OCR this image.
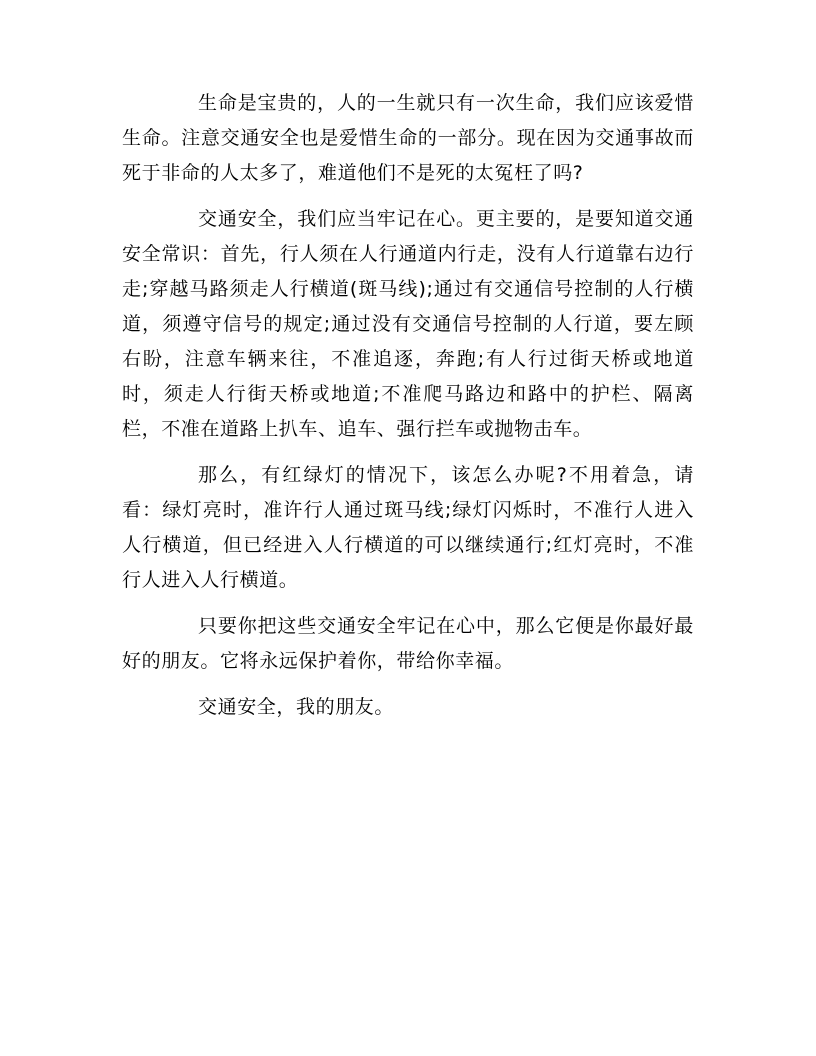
生命是宝贵的，人的一生就只有一次生命，我们应该爱惜生命。注意交通安全也是爱惜生命的一部分。现在因为交通事故而死于非命的人太多了，难道他们不是死的太冤枉了吗?

交通安全，我们应当牢记在心。更主要的，是要知道交通安全常识：首先，行人须在人行通道内行走，没有人行道靠右边行走;穿越马路须走人行横道(斑马线);通过有交通信号控制的人行横道，须遵守信号的规定;通过没有交通信号控制的人行道，要左顾右盼，注意车辆来往，不准追逐，奔跑;有人行过街天桥或地道时，须走人行街天桥或地道;不准爬马路边和路中的护栏、隔离栏，不准在道路上扒车、追车、强行拦车或抛物击车。

那么，有红绿灯的情况下，该怎么办呢?不用着急，请看：绿灯亮时，准许行人通过斑马线;绿灯闪烁时，不准行人进入人行横道，但已经进入人行横道的可以继续通行;红灯亮时，不准行人进入人行横道。

只要你把这些交通安全牢记在心中，那么它便是你最好最好的朋友。它将永远保护着你，带给你幸福。

交通安全，我的朋友。
